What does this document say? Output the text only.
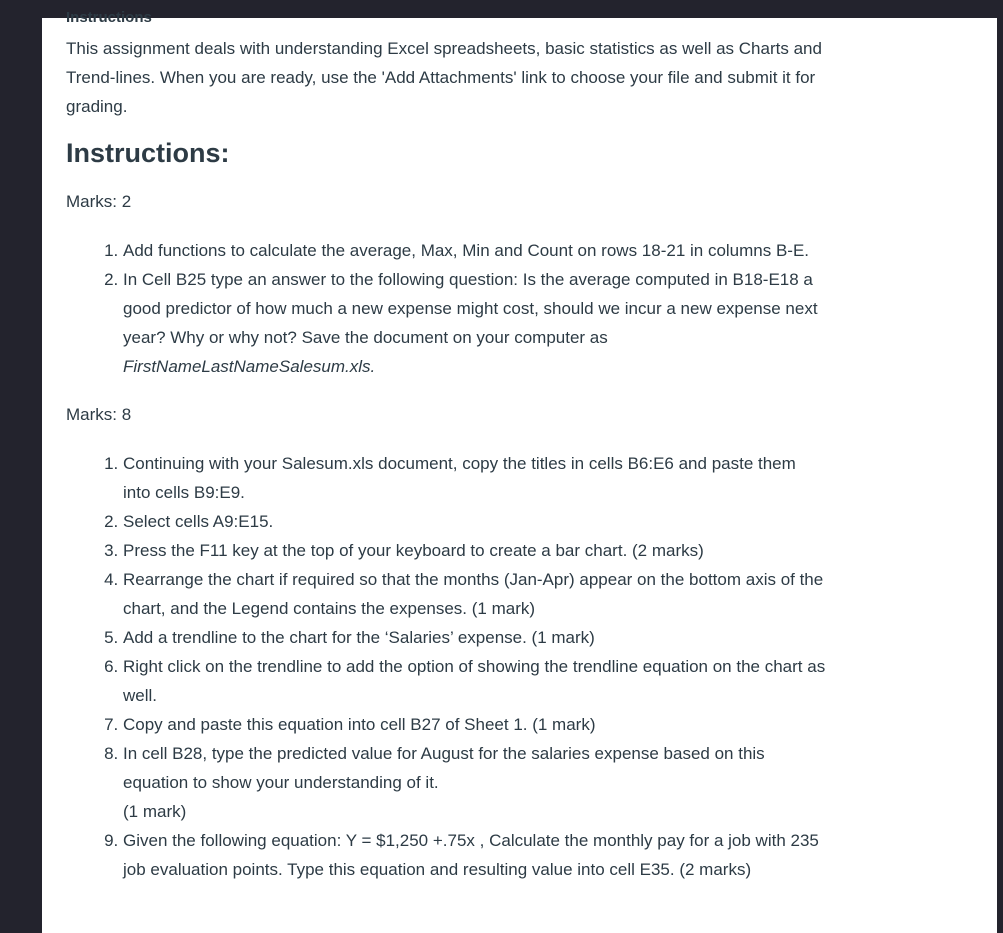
Instructions

This assignment deals with understanding Excel spreadsheets, basic statistics as well as Charts and Trend-lines. When you are ready, use the 'Add Attachments' link to choose your file and submit it for grading.

Instructions:

Marks: 2

1. Add functions to calculate the average, Max, Min and Count on rows 18-21 in columns B-E.
2. In Cell B25 type an answer to the following question: Is the average computed in B18-E18 a good predictor of how much a new expense might cost, should we incur a new expense next year? Why or why not? Save the document on your computer as FirstNameLastNameSalesum.xls.

Marks: 8

1. Continuing with your Salesum.xls document, copy the titles in cells B6:E6 and paste them into cells B9:E9.
2. Select cells A9:E15.
3. Press the F11 key at the top of your keyboard to create a bar chart. (2 marks)
4. Rearrange the chart if required so that the months (Jan-Apr) appear on the bottom axis of the chart, and the Legend contains the expenses. (1 mark)
5. Add a trendline to the chart for the ‘Salaries’ expense. (1 mark)
6. Right click on the trendline to add the option of showing the trendline equation on the chart as well.
7. Copy and paste this equation into cell B27 of Sheet 1. (1 mark)
8. In cell B28, type the predicted value for August for the salaries expense based on this equation to show your understanding of it.
(1 mark)
9. Given the following equation: Y = $1,250 +.75x , Calculate the monthly pay for a job with 235 job evaluation points. Type this equation and resulting value into cell E35. (2 marks)
